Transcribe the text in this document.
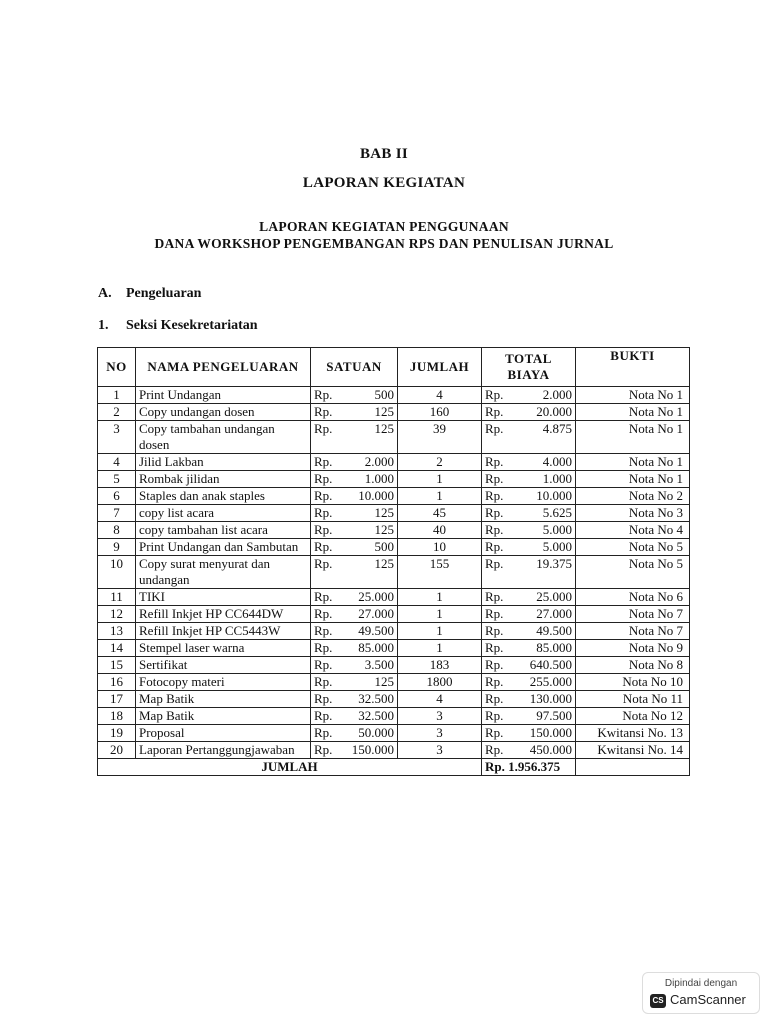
BAB II
LAPORAN KEGIATAN
LAPORAN KEGIATAN PENGGUNAAN
DANA WORKSHOP PENGEMBANGAN RPS DAN PENULISAN JURNAL
A. Pengeluaran
1. Seksi Kesekretariatan
NO	NAMA PENGELUARAN	SATUAN	JUMLAH	TOTAL BIAYA	BUKTI
1	Print Undangan	Rp. 500	4	Rp. 2.000	Nota No 1
2	Copy undangan dosen	Rp. 125	160	Rp. 20.000	Nota No 1
3	Copy tambahan undangan dosen	Rp. 125	39	Rp. 4.875	Nota No 1
4	Jilid Lakban	Rp. 2.000	2	Rp. 4.000	Nota No 1
5	Rombak jilidan	Rp. 1.000	1	Rp. 1.000	Nota No 1
6	Staples dan anak staples	Rp. 10.000	1	Rp. 10.000	Nota No 2
7	copy list acara	Rp. 125	45	Rp. 5.625	Nota No 3
8	copy tambahan list acara	Rp. 125	40	Rp. 5.000	Nota No 4
9	Print Undangan dan Sambutan	Rp. 500	10	Rp. 5.000	Nota No 5
10	Copy surat menyurat dan undangan	Rp. 125	155	Rp. 19.375	Nota No 5
11	TIKI	Rp. 25.000	1	Rp. 25.000	Nota No 6
12	Refill Inkjet HP CC644DW	Rp. 27.000	1	Rp. 27.000	Nota No 7
13	Refill Inkjet HP CC5443W	Rp. 49.500	1	Rp. 49.500	Nota No 7
14	Stempel laser warna	Rp. 85.000	1	Rp. 85.000	Nota No 9
15	Sertifikat	Rp. 3.500	183	Rp. 640.500	Nota No 8
16	Fotocopy materi	Rp. 125	1800	Rp. 255.000	Nota No 10
17	Map Batik	Rp. 32.500	4	Rp. 130.000	Nota No 11
18	Map Batik	Rp. 32.500	3	Rp. 97.500	Nota No 12
19	Proposal	Rp. 50.000	3	Rp. 150.000	Kwitansi No. 13
20	Laporan Pertanggungjawaban	Rp. 150.000	3	Rp. 450.000	Kwitansi No. 14
JUMLAH				Rp. 1.956.375	
Dipindai dengan
CS CamScanner
